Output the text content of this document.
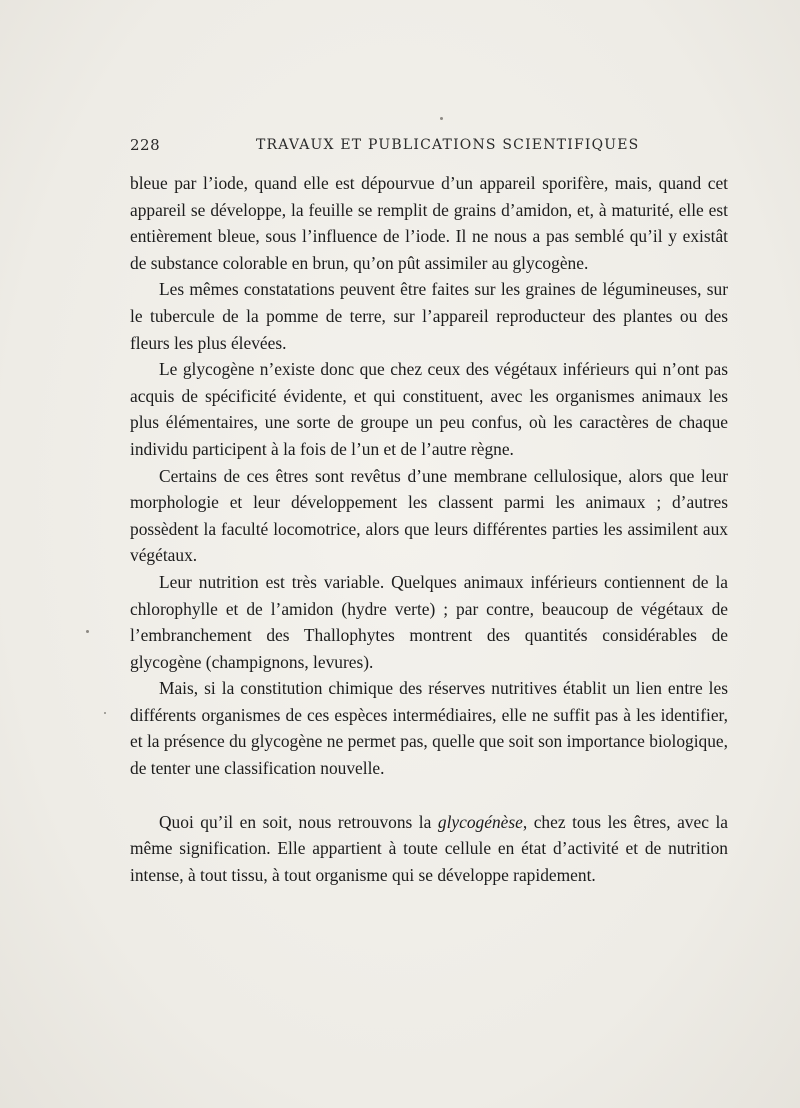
228	TRAVAUX ET PUBLICATIONS SCIENTIFIQUES

bleue par l’iode, quand elle est dépourvue d’un appareil sporifère, mais, quand cet appareil se développe, la feuille se remplit de grains d’amidon, et, à maturité, elle est entièrement bleue, sous l’influence de l’iode. Il ne nous a pas semblé qu’il y existât de substance colorable en brun, qu’on pût assimiler au glycogène.

Les mêmes constatations peuvent être faites sur les graines de légumineuses, sur le tubercule de la pomme de terre, sur l’appareil reproducteur des plantes ou des fleurs les plus élevées.

Le glycogène n’existe donc que chez ceux des végétaux inférieurs qui n’ont pas acquis de spécificité évidente, et qui constituent, avec les organismes animaux les plus élémentaires, une sorte de groupe un peu confus, où les caractères de chaque individu participent à la fois de l’un et de l’autre règne.

Certains de ces êtres sont revêtus d’une membrane cellulosique, alors que leur morphologie et leur développement les classent parmi les animaux ; d’autres possèdent la faculté locomotrice, alors que leurs différentes parties les assimilent aux végétaux.

Leur nutrition est très variable. Quelques animaux inférieurs contiennent de la chlorophylle et de l’amidon (hydre verte) ; par contre, beaucoup de végétaux de l’embranchement des Thallophytes montrent des quantités considérables de glycogène (champignons, levures).

Mais, si la constitution chimique des réserves nutritives établit un lien entre les différents organismes de ces espèces intermédiaires, elle ne suffit pas à les identifier, et la présence du glycogène ne permet pas, quelle que soit son importance biologique, de tenter une classification nouvelle.

Quoi qu’il en soit, nous retrouvons la glycogénèse, chez tous les êtres, avec la même signification. Elle appartient à toute cellule en état d’activité et de nutrition intense, à tout tissu, à tout organisme qui se développe rapidement.
